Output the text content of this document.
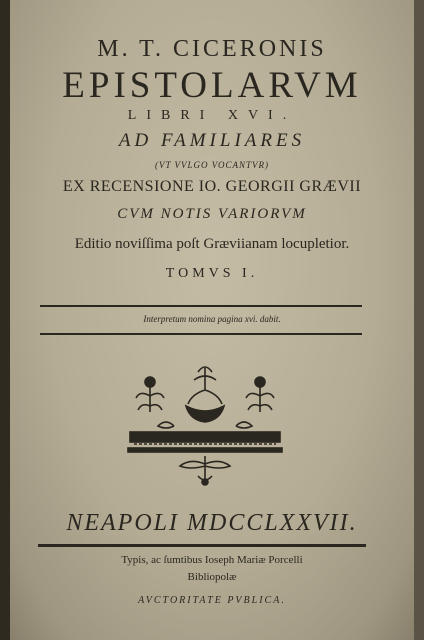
M. T. CICERONIS
EPISTOLARVM
LIBRI XVI.
AD FAMILIARES
(VT VVLGO VOCANTVR)
EX RECENSIONE IO. GEORGII GRÆVII
CVM NOTIS VARIORVM
Editio noviſſima poſt Græviianam locupletior.
TOMVS I.
Interpretum nomina pagina xvi. dabit.
NEAPOLI MDCCLXXVII.
Typis, ac ſumtibus Ioseph Mariæ Porcelli
Bibliopolæ
AVCTORITATE PVBLICA.
